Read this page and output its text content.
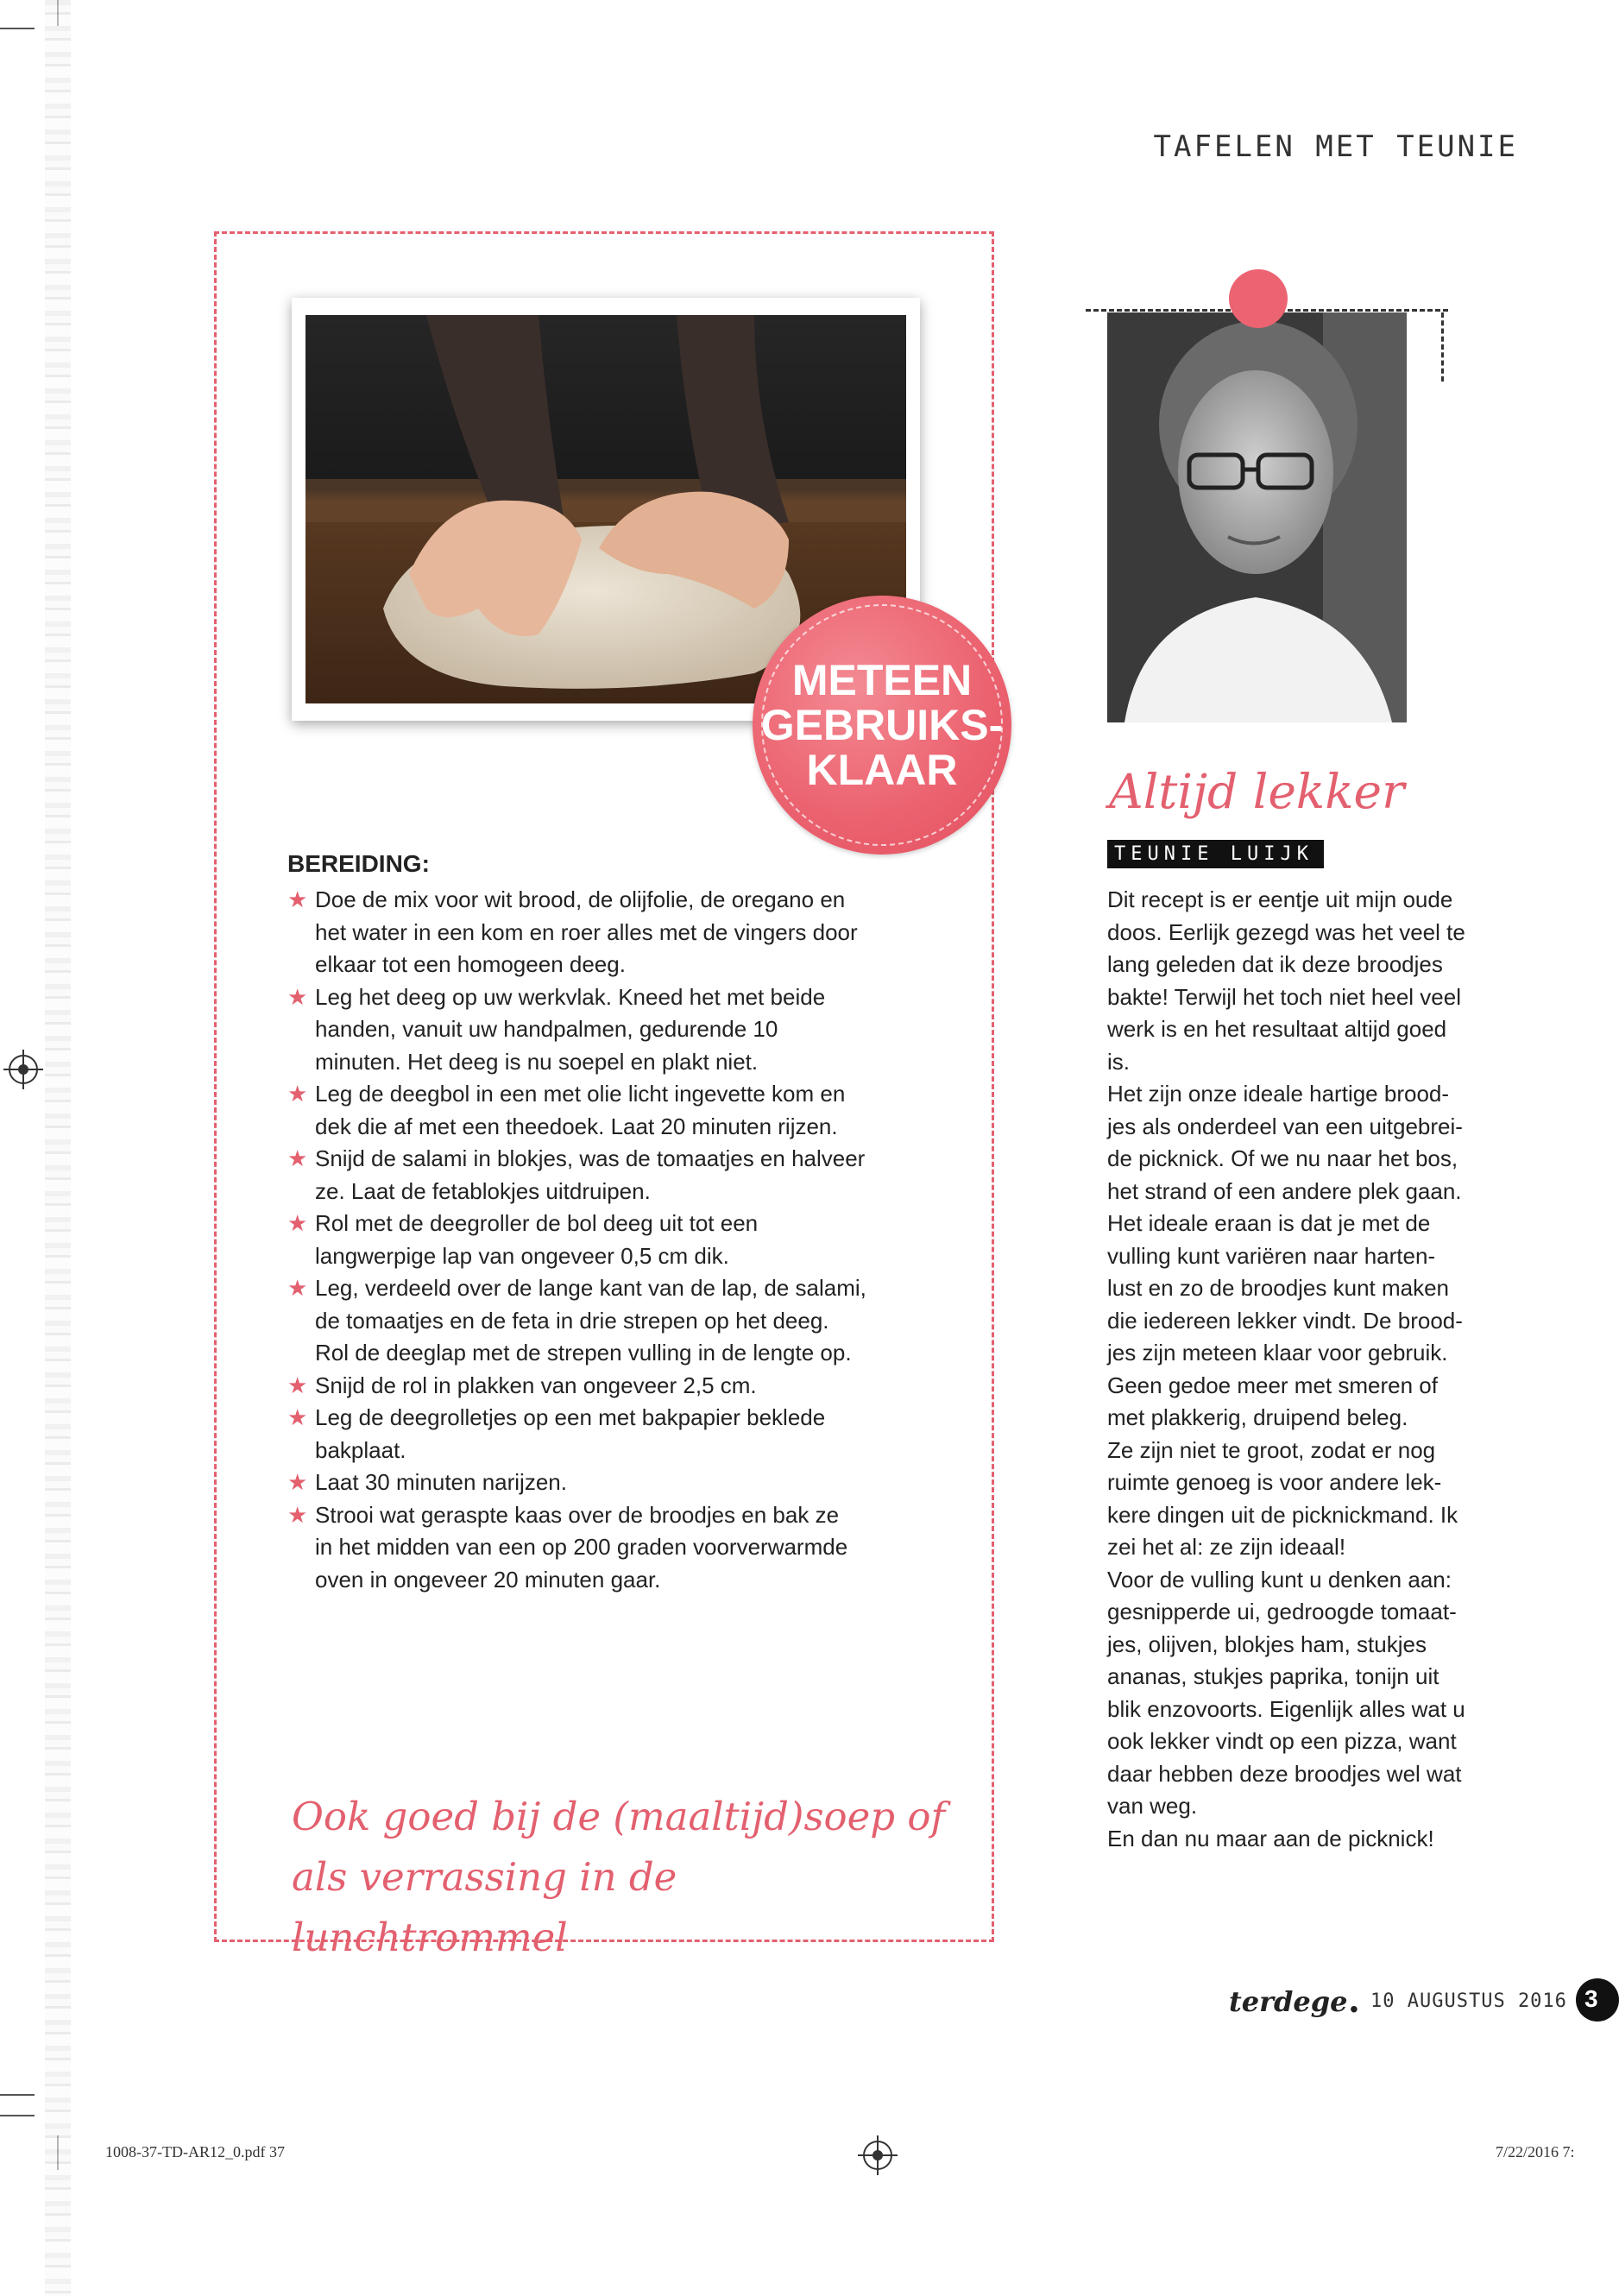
TAFELEN MET TEUNIE
METEEN
GEBRUIKS-
KLAAR
BEREIDING:
★ Doe de mix voor wit brood, de olijfolie, de oregano en
het water in een kom en roer alles met de vingers door
elkaar tot een homogeen deeg.
★ Leg het deeg op uw werkvlak. Kneed het met beide
handen, vanuit uw handpalmen, gedurende 10
minuten. Het deeg is nu soepel en plakt niet.
★ Leg de deegbol in een met olie licht ingevette kom en
dek die af met een theedoek. Laat 20 minuten rijzen.
★ Snijd de salami in blokjes, was de tomaatjes en halveer
ze. Laat de fetablokjes uitdruipen.
★ Rol met de deegroller de bol deeg uit tot een
langwerpige lap van ongeveer 0,5 cm dik.
★ Leg, verdeeld over de lange kant van de lap, de salami,
de tomaatjes en de feta in drie strepen op het deeg.
Rol de deeglap met de strepen vulling in de lengte op.
★ Snijd de rol in plakken van ongeveer 2,5 cm.
★ Leg de deegrolletjes op een met bakpapier beklede
bakplaat.
★ Laat 30 minuten narijzen.
★ Strooi wat geraspte kaas over de broodjes en bak ze
in het midden van een op 200 graden voorverwarmde
oven in ongeveer 20 minuten gaar.
Ook goed bij de (maaltijd)soep of
als verrassing in de lunchtrommel
Altijd lekker
TEUNIE LUIJK
Dit recept is er eentje uit mijn oude
doos. Eerlijk gezegd was het veel te
lang geleden dat ik deze broodjes
bakte! Terwijl het toch niet heel veel
werk is en het resultaat altijd goed
is.
Het zijn onze ideale hartige brood-
jes als onderdeel van een uitgebrei-
de picknick. Of we nu naar het bos,
het strand of een andere plek gaan.
Het ideale eraan is dat je met de
vulling kunt variëren naar harten-
lust en zo de broodjes kunt maken
die iedereen lekker vindt. De brood-
jes zijn meteen klaar voor gebruik.
Geen gedoe meer met smeren of
met plakkerig, druipend beleg.
Ze zijn niet te groot, zodat er nog
ruimte genoeg is voor andere lek-
kere dingen uit de picknickmand. Ik
zei het al: ze zijn ideaal!
Voor de vulling kunt u denken aan:
gesnipperde ui, gedroogde tomaat-
jes, olijven, blokjes ham, stukjes
ananas, stukjes paprika, tonijn uit
blik enzovoorts. Eigenlijk alles wat u
ook lekker vindt op een pizza, want
daar hebben deze broodjes wel wat
van weg.
En dan nu maar aan de picknick!
terdege • 10 AUGUSTUS 2016 3
1008-37-TD-AR12_0.pdf 37	7/22/2016 7:
